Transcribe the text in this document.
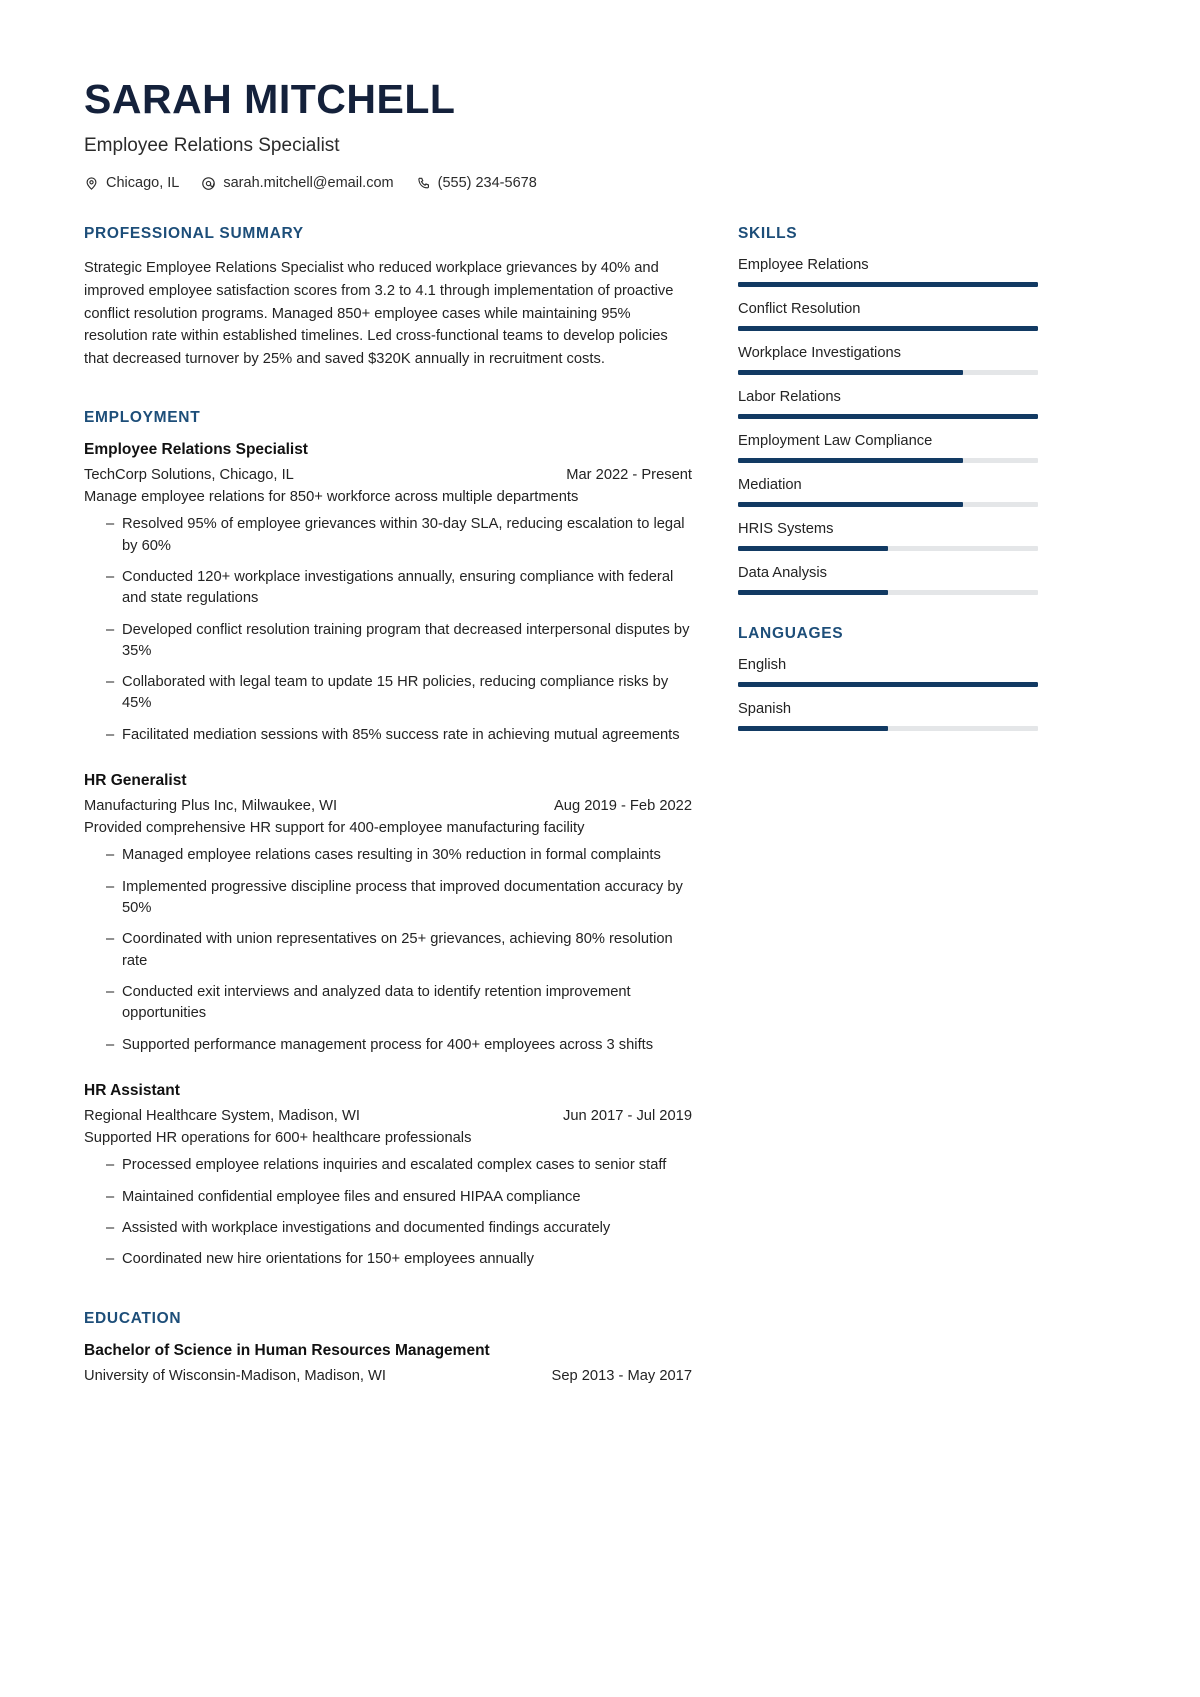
SARAH MITCHELL
Employee Relations Specialist
Chicago, IL	sarah.mitchell@email.com	(555) 234-5678
PROFESSIONAL SUMMARY

Strategic Employee Relations Specialist who reduced workplace grievances by 40% and improved employee satisfaction scores from 3.2 to 4.1 through implementation of proactive conflict resolution programs. Managed 850+ employee cases while maintaining 95% resolution rate within established timelines. Led cross-functional teams to develop policies that decreased turnover by 25% and saved $320K annually in recruitment costs.

EMPLOYMENT
Employee Relations Specialist
TechCorp Solutions, Chicago, IL	Mar 2022 - Present

Manage employee relations for 850+ workforce across multiple departments

– Resolved 95% of employee grievances within 30-day SLA, reducing escalation to legal by 60%
– Conducted 120+ workplace investigations annually, ensuring compliance with federal and state regulations
– Developed conflict resolution training program that decreased interpersonal disputes by 35%
– Collaborated with legal team to update 15 HR policies, reducing compliance risks by 45%
– Facilitated mediation sessions with 85% success rate in achieving mutual agreements
HR Generalist
Manufacturing Plus Inc, Milwaukee, WI	Aug 2019 - Feb 2022

Provided comprehensive HR support for 400-employee manufacturing facility

– Managed employee relations cases resulting in 30% reduction in formal complaints
– Implemented progressive discipline process that improved documentation accuracy by 50%
– Coordinated with union representatives on 25+ grievances, achieving 80% resolution rate
– Conducted exit interviews and analyzed data to identify retention improvement opportunities
– Supported performance management process for 400+ employees across 3 shifts
HR Assistant
Regional Healthcare System, Madison, WI	Jun 2017 - Jul 2019

Supported HR operations for 600+ healthcare professionals

– Processed employee relations inquiries and escalated complex cases to senior staff
– Maintained confidential employee files and ensured HIPAA compliance
– Assisted with workplace investigations and documented findings accurately
– Coordinated new hire orientations for 150+ employees annually
EDUCATION
Bachelor of Science in Human Resources Management
University of Wisconsin-Madison, Madison, WI	Sep 2013 - May 2017
SKILLS
Employee Relations
Conflict Resolution
Workplace Investigations
Labor Relations
Employment Law Compliance
Mediation
HRIS Systems
Data Analysis
LANGUAGES
English
Spanish
